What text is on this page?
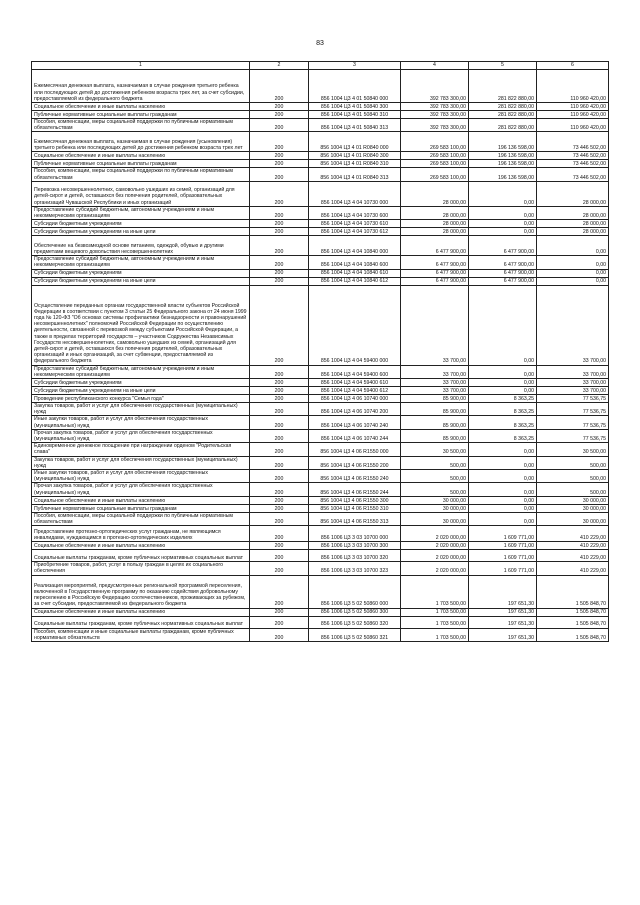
83
1	2	3	4	5	6
Ежемесячная денежная выплата, назначаемая в случае рождения третьего ребенка или последующих детей до достижения ребенком возраста трех лет, за счет субсидии, предоставляемой из федерального бюджета	200	856 1004 Ц3 4 01 50840 000	392 783 300,00	281 822 880,00	110 960 420,00
Социальное обеспечение и иные выплаты населению	200	856 1004 Ц3 4 01 50840 300	392 783 300,00	281 822 880,00	110 960 420,00
Публичные нормативные социальные выплаты гражданам	200	856 1004 Ц3 4 01 50840 310	392 783 300,00	281 822 880,00	110 960 420,00
Пособия, компенсации, меры социальной поддержки по публичным нормативным обязательствам	200	856 1004 Ц3 4 01 50840 313	392 783 300,00	281 822 880,00	110 960 420,00
Ежемесячная денежная выплата, назначаемая в случае рождения (усыновления) третьего ребенка или последующих детей до достижения ребенком возраста трех лет	200	856 1004 Ц3 4 01 R0840 000	269 583 100,00	196 136 598,00	73 446 502,00
Социальное обеспечение и иные выплаты населению	200	856 1004 Ц3 4 01 R0840 300	269 583 100,00	196 136 598,00	73 446 502,00
Публичные нормативные социальные выплаты гражданам	200	856 1004 Ц3 4 01 R0840 310	269 583 100,00	196 136 598,00	73 446 502,00
Пособия, компенсации, меры социальной поддержки по публичным нормативным обязательствам	200	856 1004 Ц3 4 01 R0840 313	269 583 100,00	196 136 598,00	73 446 502,00
Перевозка несовершеннолетних, самовольно ушедших из семей, организаций для детей-сирот и детей, оставшихся без попечения родителей, образовательных организаций Чувашской Республики и иных организаций	200	856 1004 Ц3 4 04 10730 000	28 000,00	0,00	28 000,00
Предоставление субсидий бюджетным, автономным учреждениям и иным некоммерческим организациям	200	856 1004 Ц3 4 04 10730 600	28 000,00	0,00	28 000,00
Субсидии бюджетным учреждениям	200	856 1004 Ц3 4 04 10730 610	28 000,00	0,00	28 000,00
Субсидии бюджетным учреждениям на иные цели	200	856 1004 Ц3 4 04 10730 612	28 000,00	0,00	28 000,00
Обеспечение на безвозмездной основе питанием, одеждой, обувью и другими предметами вещевого довольствия несовершеннолетних	200	856 1004 Ц3 4 04 10840 000	6 477 900,00	6 477 900,00	0,00
Предоставление субсидий бюджетным, автономным учреждениям и иным некоммерческим организациям	200	856 1004 Ц3 4 04 10840 600	6 477 900,00	6 477 900,00	0,00
Субсидии бюджетным учреждениям	200	856 1004 Ц3 4 04 10840 610	6 477 900,00	6 477 900,00	0,00
Субсидии бюджетным учреждениям на иные цели	200	856 1004 Ц3 4 04 10840 612	6 477 900,00	6 477 900,00	0,00
Осуществление переданных органам государственной власти субъектов Российской Федерации в соответствии с пунктом 3 статьи 25 Федерального закона от 24 июня 1999 года № 120-ФЗ "Об основах системы профилактики безнадзорности и правонарушений несовершеннолетних" полномочий Российской Федерации по осуществлению деятельности, связанной с перевозкой между субъектами Российской Федерации, а также в пределах территорий государств – участников Содружества Независимых Государств несовершеннолетних, самовольно ушедших из семей, организаций для детей-сирот и детей, оставшихся без попечения родителей, образовательных организаций и иных организаций, за счет субвенции, предоставляемой из федерального бюджета	200	856 1004 Ц3 4 04 59400 000	33 700,00	0,00	33 700,00
Предоставление субсидий бюджетным, автономным учреждениям и иным некоммерческим организациям	200	856 1004 Ц3 4 04 59400 600	33 700,00	0,00	33 700,00
Субсидии бюджетным учреждениям	200	856 1004 Ц3 4 04 59400 610	33 700,00	0,00	33 700,00
Субсидии бюджетным учреждениям на иные цели	200	856 1004 Ц3 4 04 59400 612	33 700,00	0,00	33 700,00
Проведение республиканского конкурса "Семья года"	200	856 1004 Ц3 4 06 10740 000	85 900,00	8 363,25	77 536,75
Закупка товаров, работ и услуг для обеспечения государственных (муниципальных) нужд	200	856 1004 Ц3 4 06 10740 200	85 900,00	8 363,25	77 536,75
Иные закупки товаров, работ и услуг для обеспечения государственных (муниципальных) нужд	200	856 1004 Ц3 4 06 10740 240	85 900,00	8 363,25	77 536,75
Прочая закупка товаров, работ и услуг для обеспечения государственных (муниципальных) нужд	200	856 1004 Ц3 4 06 10740 244	85 900,00	8 363,25	77 536,75
Единовременное денежное поощрение при награждении орденом "Родительская слава"	200	856 1004 Ц3 4 06 R1550 000	30 500,00	0,00	30 500,00
Закупка товаров, работ и услуг для обеспечения государственных (муниципальных) нужд	200	856 1004 Ц3 4 06 R1550 200	500,00	0,00	500,00
Иные закупки товаров, работ и услуг для обеспечения государственных (муниципальных) нужд	200	856 1004 Ц3 4 06 R1550 240	500,00	0,00	500,00
Прочая закупка товаров, работ и услуг для обеспечения государственных (муниципальных) нужд	200	856 1004 Ц3 4 06 R1550 244	500,00	0,00	500,00
Социальное обеспечение и иные выплаты населению	200	856 1004 Ц3 4 06 R1550 300	30 000,00	0,00	30 000,00
Публичные нормативные социальные выплаты гражданам	200	856 1004 Ц3 4 06 R1550 310	30 000,00	0,00	30 000,00
Пособия, компенсации, меры социальной поддержки по публичным нормативным обязательствам	200	856 1004 Ц3 4 06 R1550 313	30 000,00	0,00	30 000,00
Предоставление протезно-ортопедических услуг гражданам, не являющимся инвалидами, нуждающимся в протезно-ортопедических изделиях	200	856 1006 Ц3 3 03 10700 000	2 020 000,00	1 609 771,00	410 229,00
Социальное обеспечение и иные выплаты населению	200	856 1006 Ц3 3 03 10700 300	2 020 000,00	1 609 771,00	410 229,00
Социальные выплаты гражданам, кроме публичных нормативных социальных выплат	200	856 1006 Ц3 3 03 10700 320	2 020 000,00	1 609 771,00	410 229,00
Приобретение товаров, работ, услуг в пользу граждан в целях их социального обеспечения	200	856 1006 Ц3 3 03 10700 323	2 020 000,00	1 609 771,00	410 229,00
Реализация мероприятий, предусмотренных региональной программой переселения, включенной в Государственную программу по оказанию содействия добровольному переселению в Российскую Федерацию соотечественников, проживающих за рубежом, за счет субсидии, предоставляемой из федерального бюджета	200	856 1006 Ц3 5 02 50860 000	1 703 500,00	197 651,30	1 505 848,70
Социальное обеспечение и иные выплаты населению	200	856 1006 Ц3 5 02 50860 300	1 703 500,00	197 651,30	1 505 848,70
Социальные выплаты гражданам, кроме публичных нормативных социальных выплат	200	856 1006 Ц3 5 02 50860 320	1 703 500,00	197 651,30	1 505 848,70
Пособия, компенсации и иные социальные выплаты гражданам, кроме публичных нормативных обязательств	200	856 1006 Ц3 5 02 50860 321	1 703 500,00	197 651,30	1 505 848,70
